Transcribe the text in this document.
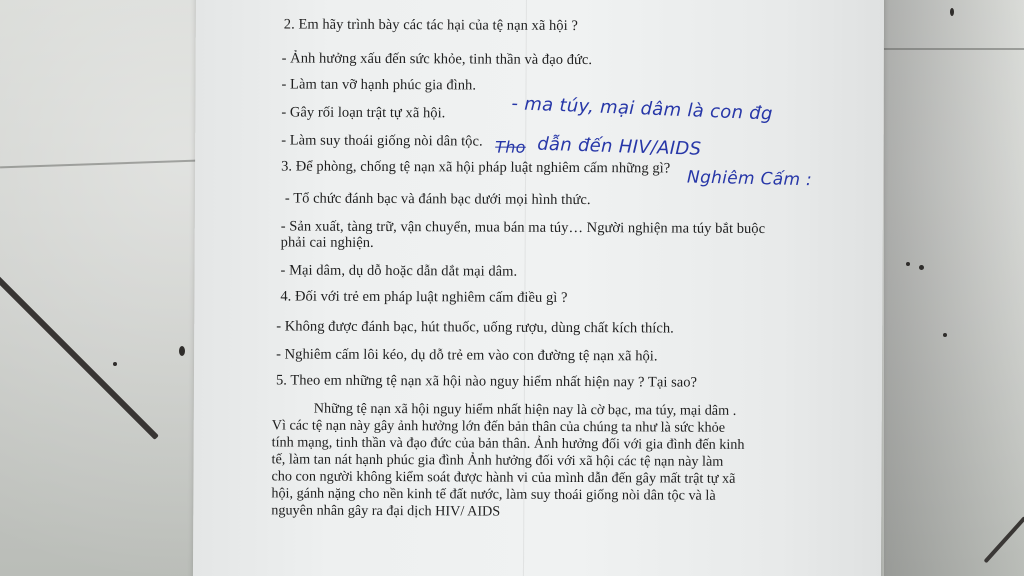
2. Em hãy trình bày các tác hại của tệ nạn xã hội ?
- Ảnh hưởng xấu đến sức khỏe, tinh thần và đạo đức.
- Làm tan vỡ hạnh phúc gia đình.
- Gây rối loạn trật tự xã hội.
- Làm suy thoái giống nòi dân tộc.
3. Để phòng, chống tệ nạn xã hội pháp luật nghiêm cấm những gì?
- Tổ chức đánh bạc và đánh bạc dưới mọi hình thức.
- Sản xuất, tàng trữ, vận chuyển, mua bán ma túy… Người nghiện ma túy bắt buộc
phải cai nghiện.
- Mại dâm, dụ dỗ hoặc dẫn dắt mại dâm.
4. Đối với trẻ em pháp luật nghiêm cấm điều gì ?
- Không được đánh bạc, hút thuốc, uống rượu, dùng chất kích thích.
- Nghiêm cấm lôi kéo, dụ dỗ trẻ em vào con đường tệ nạn xã hội.
5. Theo em những tệ nạn xã hội nào nguy hiểm nhất hiện nay ? Tại sao?
Những tệ nạn xã hội nguy hiểm nhất hiện nay là cờ bạc, ma túy, mại dâm .
Vì các tệ nạn này gây ảnh hưởng lớn đến bản thân của chúng ta như là sức khỏe
tính mạng, tinh thần và đạo đức của bản thân. Ảnh hưởng đối với gia đình đến kinh
tế, làm tan nát hạnh phúc gia đình Ảnh hưởng đối với xã hội các tệ nạn này làm
cho con người không kiểm soát được hành vi của mình dẫn đến gây mất trật tự xã
hội, gánh nặng cho nền kinh tế đất nước, làm suy thoái giống nòi dân tộc và là
nguyên nhân gây ra đại dịch HIV/ AIDS
- ma túy, mại dâm là con đg
Tho dẫn đến HIV/AIDS
Nghiêm Cấm :
